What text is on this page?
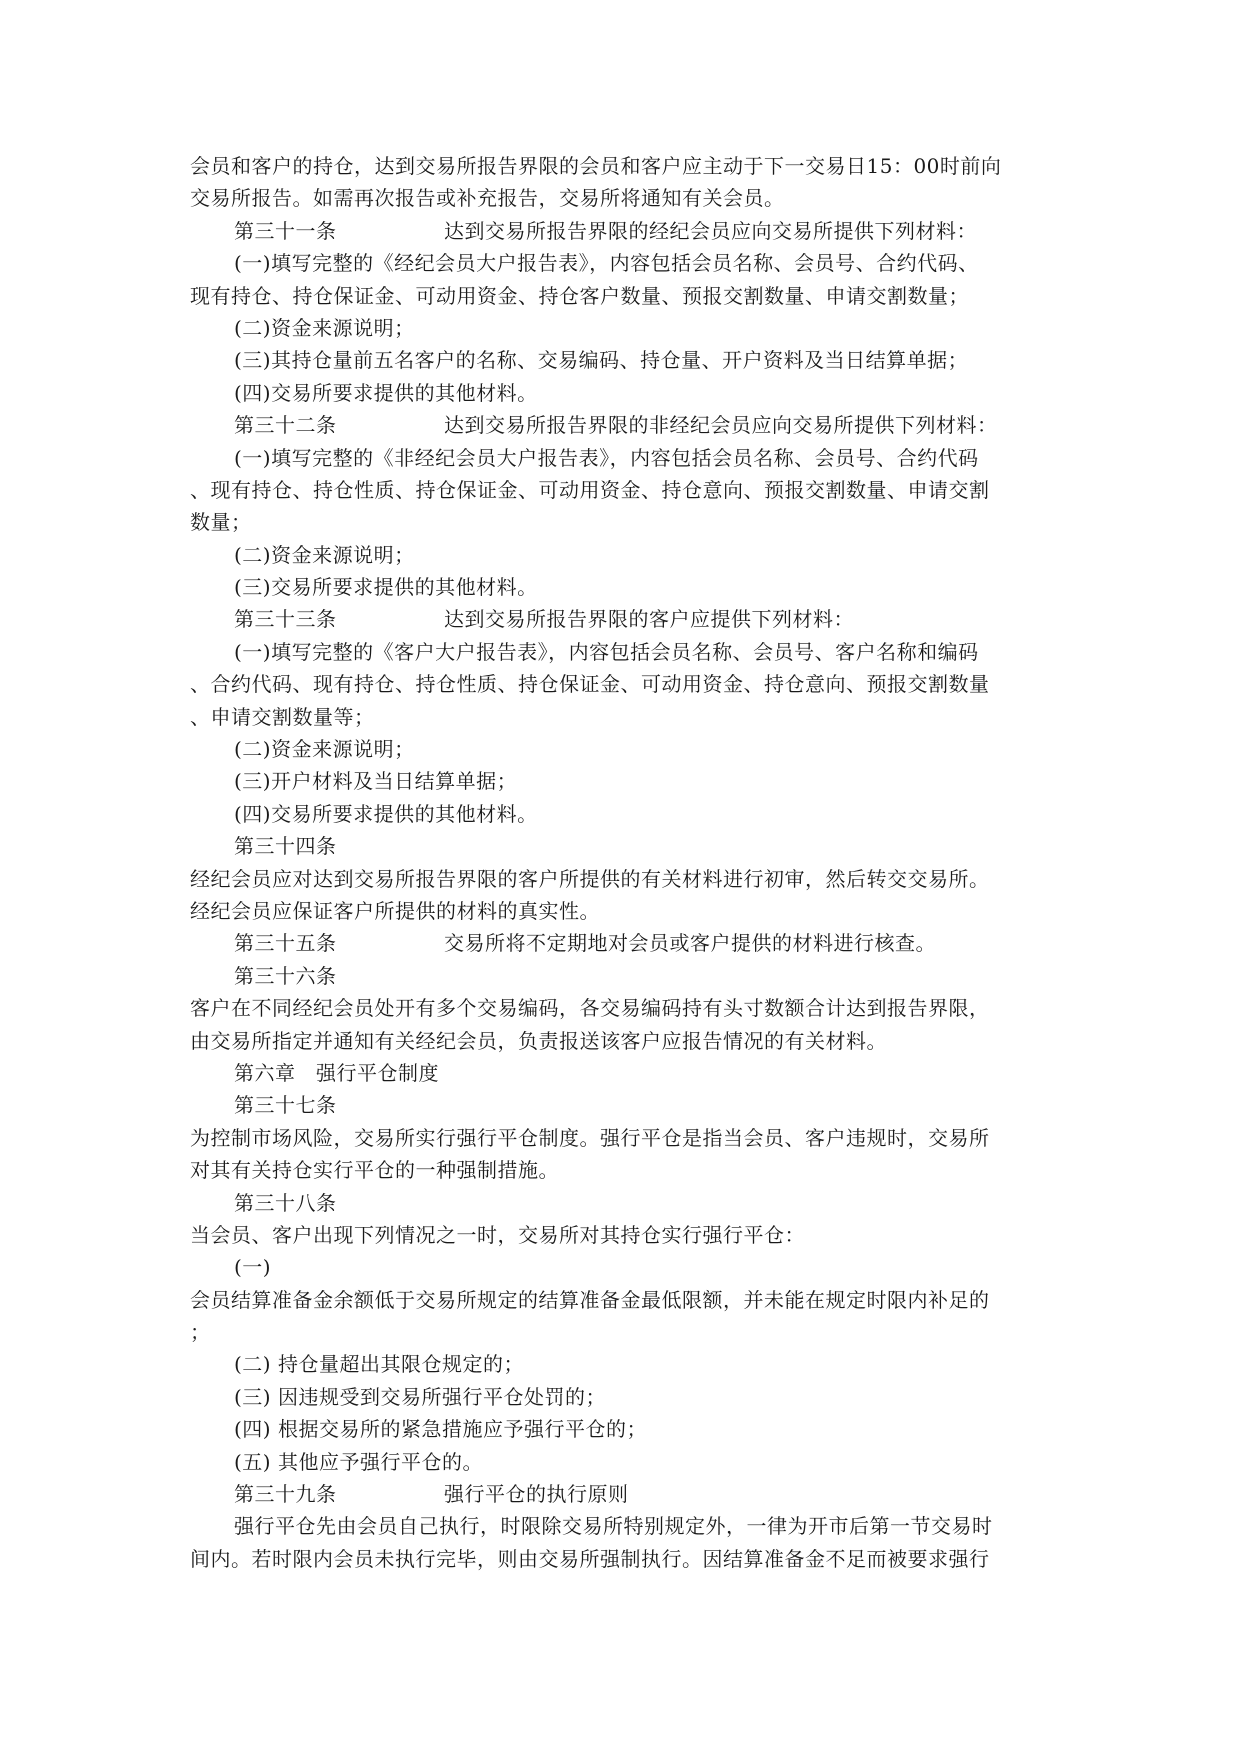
会员和客户的持仓，达到交易所报告界限的会员和客户应主动于下一交易日15：00时前向
交易所报告。如需再次报告或补充报告，交易所将通知有关会员。
第三十一条	达到交易所报告界限的经纪会员应向交易所提供下列材料：
(一)填写完整的《经纪会员大户报告表》，内容包括会员名称、会员号、合约代码、
现有持仓、持仓保证金、可动用资金、持仓客户数量、预报交割数量、申请交割数量；
(二)资金来源说明；
(三)其持仓量前五名客户的名称、交易编码、持仓量、开户资料及当日结算单据；
(四)交易所要求提供的其他材料。
第三十二条	达到交易所报告界限的非经纪会员应向交易所提供下列材料：
(一)填写完整的《非经纪会员大户报告表》，内容包括会员名称、会员号、合约代码
、现有持仓、持仓性质、持仓保证金、可动用资金、持仓意向、预报交割数量、申请交割
数量；
(二)资金来源说明；
(三)交易所要求提供的其他材料。
第三十三条	达到交易所报告界限的客户应提供下列材料：
(一)填写完整的《客户大户报告表》，内容包括会员名称、会员号、客户名称和编码
、合约代码、现有持仓、持仓性质、持仓保证金、可动用资金、持仓意向、预报交割数量
、申请交割数量等；
(二)资金来源说明；
(三)开户材料及当日结算单据；
(四)交易所要求提供的其他材料。
第三十四条
经纪会员应对达到交易所报告界限的客户所提供的有关材料进行初审，然后转交交易所。
经纪会员应保证客户所提供的材料的真实性。
第三十五条	交易所将不定期地对会员或客户提供的材料进行核查。
第三十六条
客户在不同经纪会员处开有多个交易编码，各交易编码持有头寸数额合计达到报告界限，
由交易所指定并通知有关经纪会员，负责报送该客户应报告情况的有关材料。
第六章　强行平仓制度
第三十七条
为控制市场风险，交易所实行强行平仓制度。强行平仓是指当会员、客户违规时，交易所
对其有关持仓实行平仓的一种强制措施。
第三十八条
当会员、客户出现下列情况之一时，交易所对其持仓实行强行平仓：
(一)
会员结算准备金余额低于交易所规定的结算准备金最低限额，并未能在规定时限内补足的
；
(二) 持仓量超出其限仓规定的；
(三) 因违规受到交易所强行平仓处罚的；
(四) 根据交易所的紧急措施应予强行平仓的；
(五) 其他应予强行平仓的。
第三十九条	强行平仓的执行原则
强行平仓先由会员自己执行，时限除交易所特别规定外，一律为开市后第一节交易时
间内。若时限内会员未执行完毕，则由交易所强制执行。因结算准备金不足而被要求强行
